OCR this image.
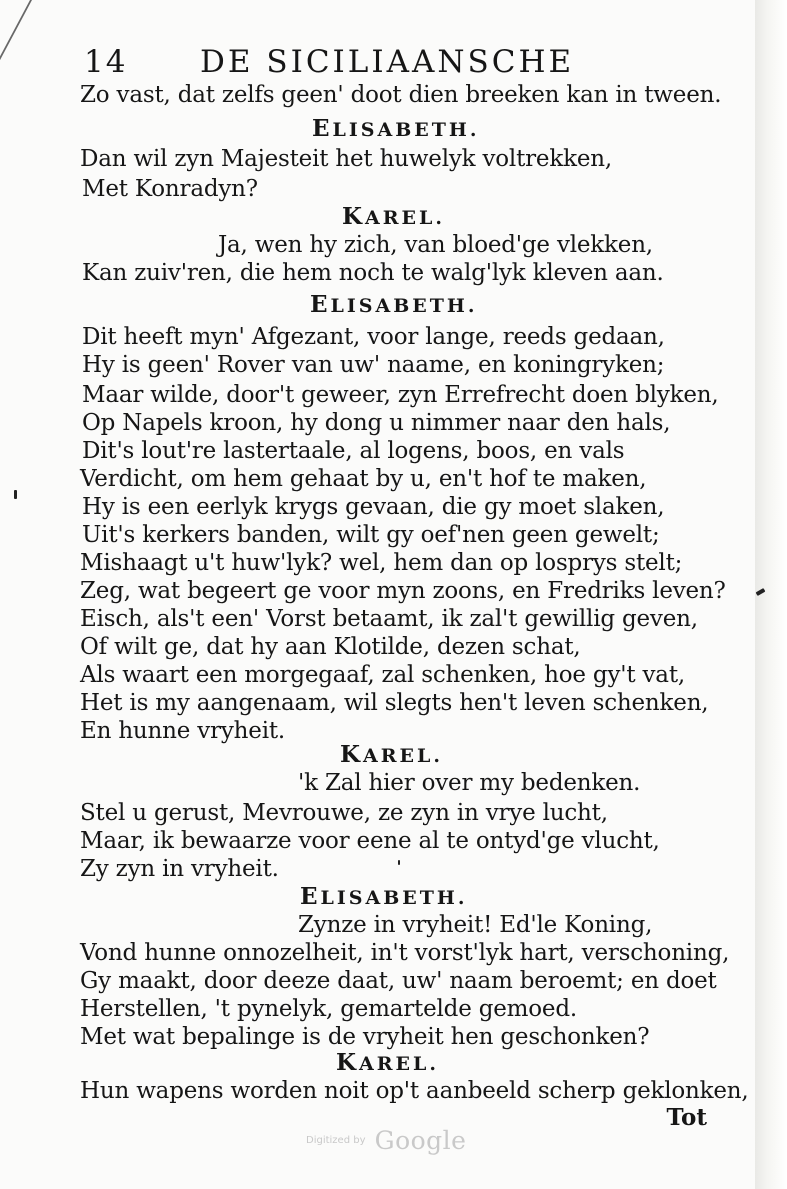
14 DE SICILIAANSCHE
Zo vast, dat zelfs geen' doot dien breeken kan in tween.
ELISABETH.
Dan wil zyn Majesteit het huwelyk voltrekken,
Met Konradyn?
KAREL.
Ja, wen hy zich, van bloed'ge vlekken,
Kan zuiv'ren, die hem noch te walg'lyk kleven aan.
ELISABETH.
Dit heeft myn' Afgezant, voor lange, reeds gedaan,
Hy is geen' Rover van uw' naame, en koningryken;
Maar wilde, door't geweer, zyn Errefrecht doen blyken,
Op Napels kroon, hy dong u nimmer naar den hals,
Dit's lout're lastertaale, al logens, boos, en vals
Verdicht, om hem gehaat by u, en't hof te maken,
Hy is een eerlyk krygs gevaan, die gy moet slaken,
Uit's kerkers banden, wilt gy oef'nen geen gewelt;
Mishaagt u't huw'lyk? wel, hem dan op losprys stelt;
Zeg, wat begeert ge voor myn zoons, en Fredriks leven?
Eisch, als't een' Vorst betaamt, ik zal't gewillig geven,
Of wilt ge, dat hy aan Klotilde, dezen schat,
Als waart een morgegaaf, zal schenken, hoe gy't vat,
Het is my aangenaam, wil slegts hen't leven schenken,
En hunne vryheit.
KAREL.
'k Zal hier over my bedenken.
Stel u gerust, Mevrouwe, ze zyn in vrye lucht,
Maar, ik bewaarze voor eene al te ontyd'ge vlucht,
Zy zyn in vryheit.
ELISABETH.
Zynze in vryheit! Ed'le Koning,
Vond hunne onnozelheit, in't vorst'lyk hart, verschoning,
Gy maakt, door deeze daat, uw' naam beroemt; en doet
Herstellen, 't pynelyk, gemartelde gemoed.
Met wat bepalinge is de vryheit hen geschonken?
KAREL.
Hun wapens worden noit op't aanbeeld scherp geklonken,
Tot
$^{Digitized by}$ Google
